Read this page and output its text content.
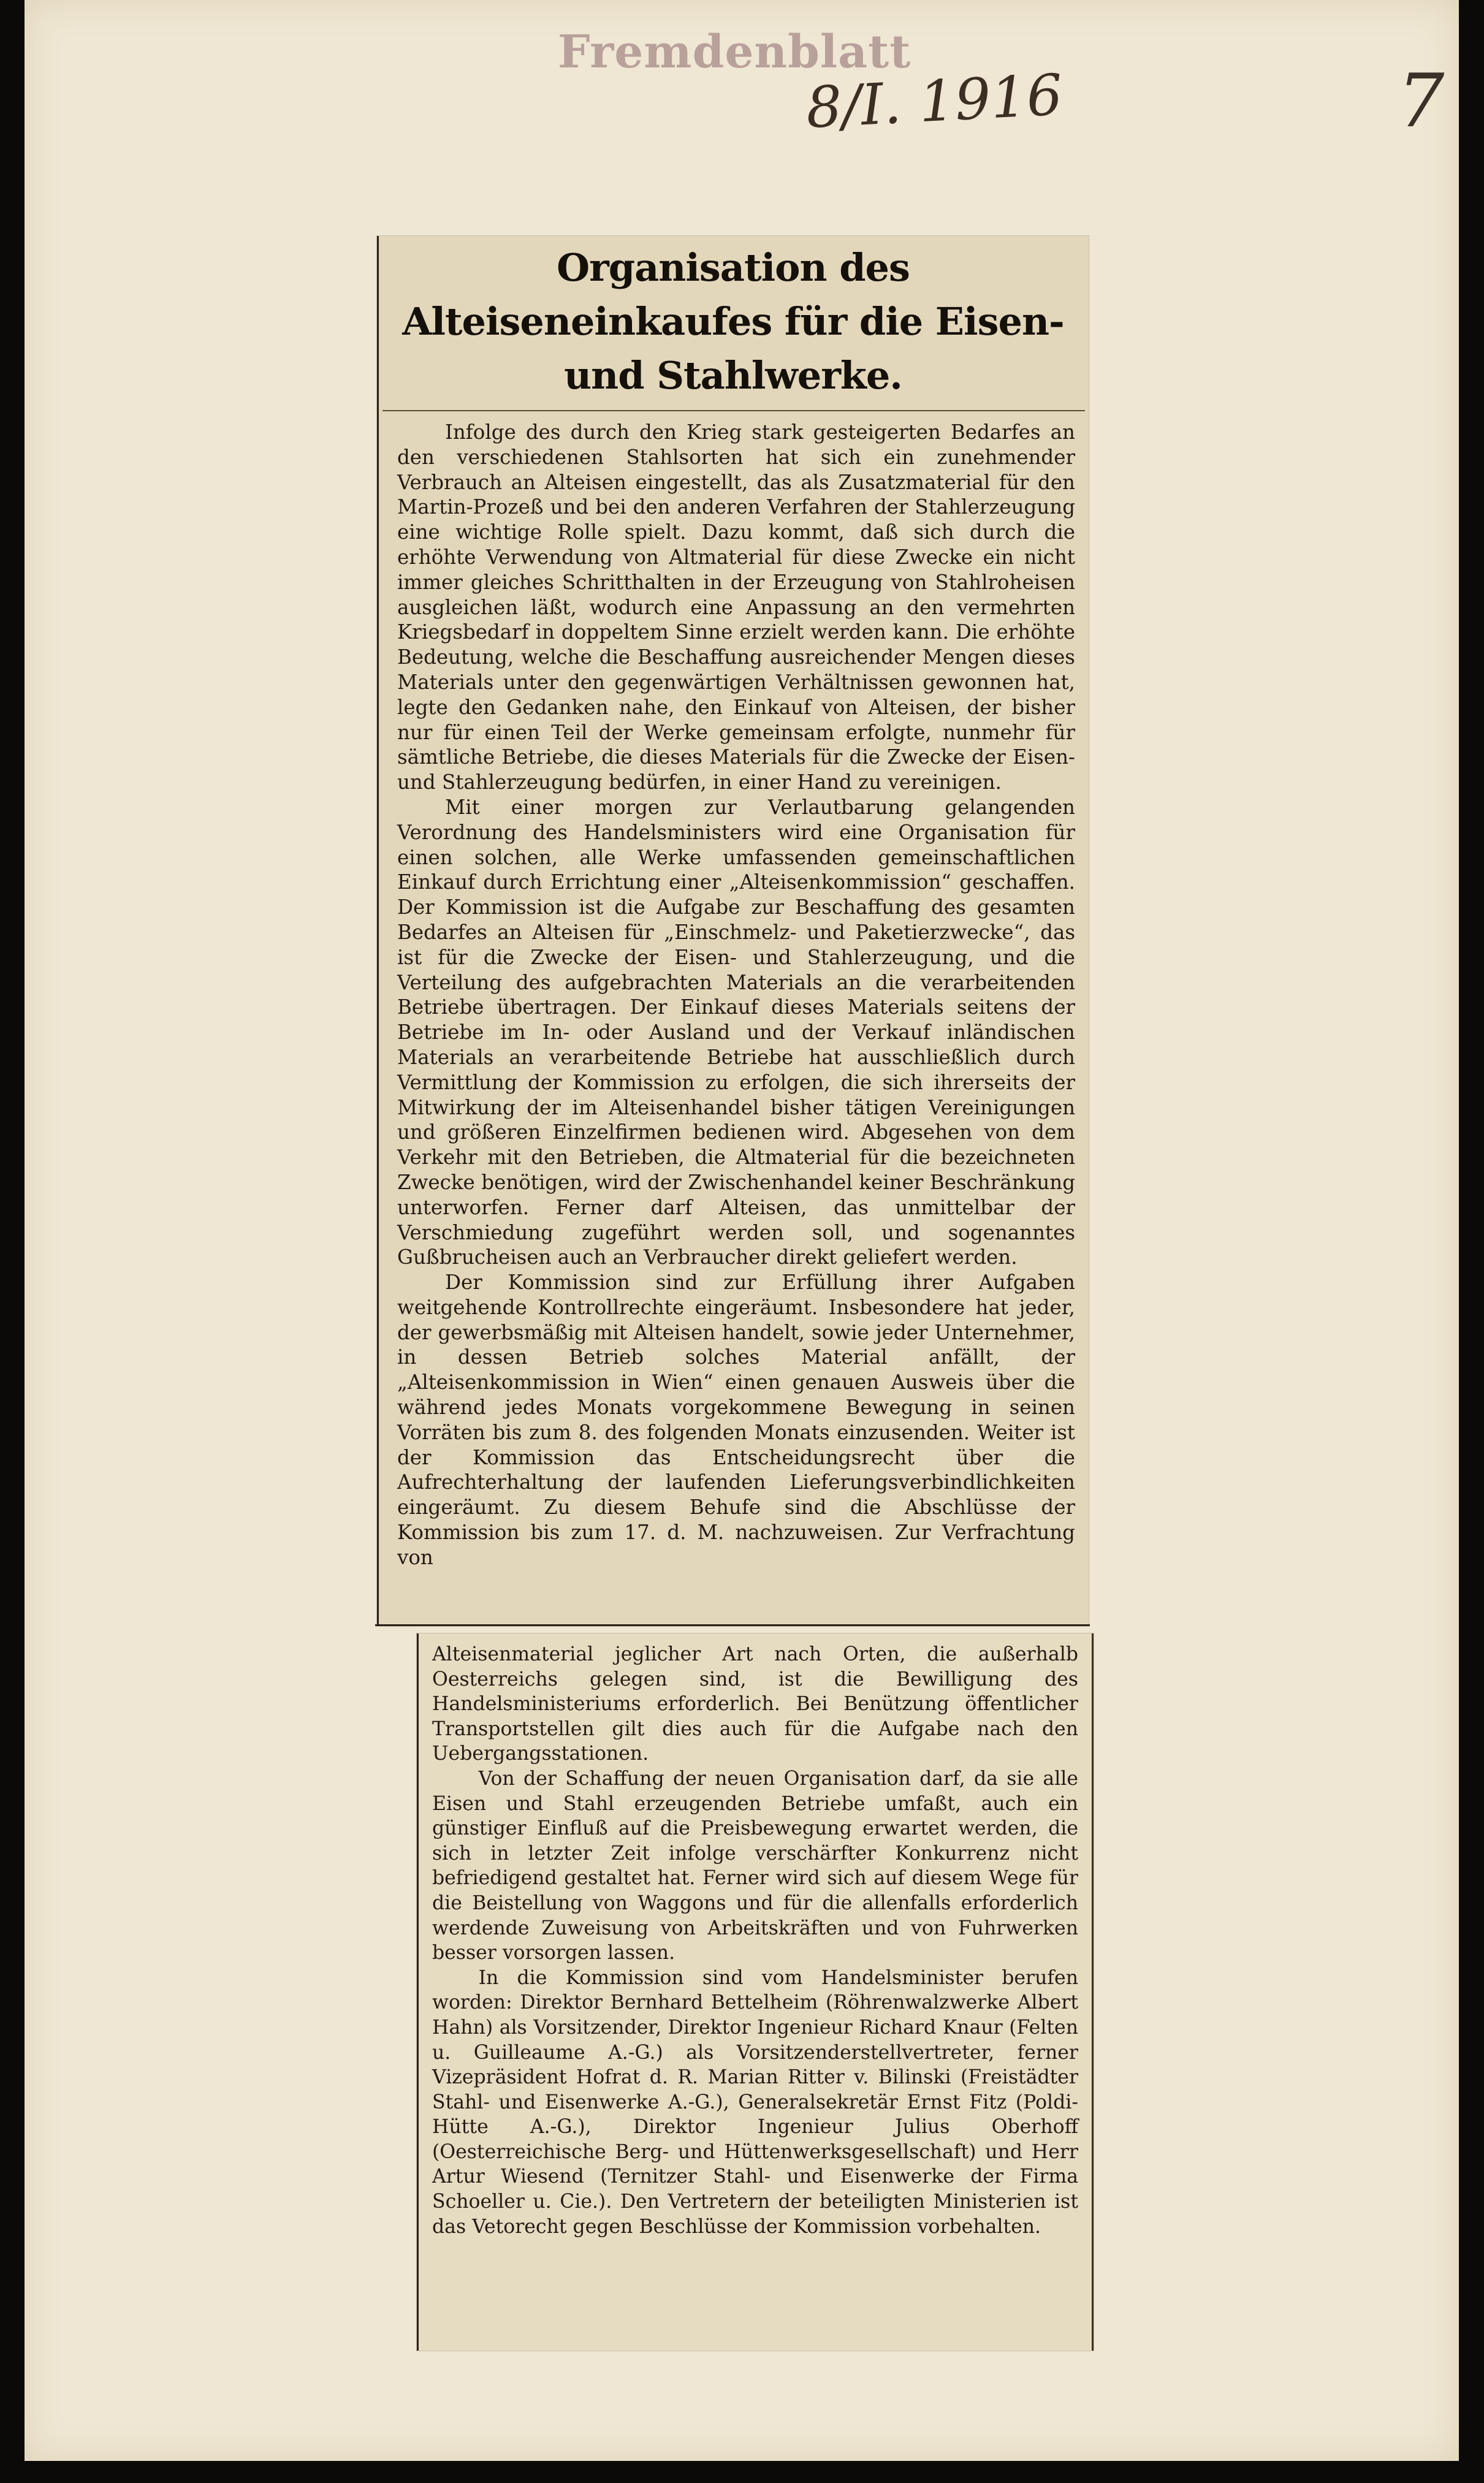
Fremdenblatt
8/I. 1916	7
Organisation des Alteiseneinkaufes für die Eisen- und Stahlwerke.

Infolge des durch den Krieg stark gesteigerten Bedarfes an den verschiedenen Stahlsorten hat sich ein zunehmender Verbrauch an Alteisen eingestellt, das als Zusatzmaterial für den Martin-Prozeß und bei den anderen Verfahren der Stahlerzeugung eine wichtige Rolle spielt. Dazu kommt, daß sich durch die erhöhte Verwendung von Altmaterial für diese Zwecke ein nicht immer gleiches Schritthalten in der Erzeugung von Stahlroheisen ausgleichen läßt, wodurch eine Anpassung an den vermehrten Kriegsbedarf in doppeltem Sinne erzielt werden kann. Die erhöhte Bedeutung, welche die Beschaffung ausreichender Mengen dieses Materials unter den gegenwärtigen Verhältnissen gewonnen hat, legte den Gedanken nahe, den Einkauf von Alteisen, der bisher nur für einen Teil der Werke gemeinsam erfolgte, nunmehr für sämtliche Betriebe, die dieses Materials für die Zwecke der Eisen- und Stahlerzeugung bedürfen, in einer Hand zu vereinigen.

Mit einer morgen zur Verlautbarung gelangenden Verordnung des Handelsministers wird eine Organisation für einen solchen, alle Werke umfassenden gemeinschaftlichen Einkauf durch Errichtung einer „Alteisenkommission“ geschaffen. Der Kommission ist die Aufgabe zur Beschaffung des gesamten Bedarfes an Alteisen für „Einschmelz- und Paketierzwecke“, das ist für die Zwecke der Eisen- und Stahlerzeugung, und die Verteilung des aufgebrachten Materials an die verarbeitenden Betriebe übertragen. Der Einkauf dieses Materials seitens der Betriebe im In- oder Ausland und der Verkauf inländischen Materials an verarbeitende Betriebe hat ausschließlich durch Vermittlung der Kommission zu erfolgen, die sich ihrerseits der Mitwirkung der im Alteisenhandel bisher tätigen Vereinigungen und größeren Einzelfirmen bedienen wird. Abgesehen von dem Verkehr mit den Betrieben, die Altmaterial für die bezeichneten Zwecke benötigen, wird der Zwischenhandel keiner Beschränkung unterworfen. Ferner darf Alteisen, das unmittelbar der Verschmiedung zugeführt werden soll, und sogenanntes Gußbrucheisen auch an Verbraucher direkt geliefert werden.

Der Kommission sind zur Erfüllung ihrer Aufgaben weitgehende Kontrollrechte eingeräumt. Insbesondere hat jeder, der gewerbsmäßig mit Alteisen handelt, sowie jeder Unternehmer, in dessen Betrieb solches Material anfällt, der „Alteisenkommission in Wien“ einen genauen Ausweis über die während jedes Monats vorgekommene Bewegung in seinen Vorräten bis zum 8. des folgenden Monats einzusenden. Weiter ist der Kommission das Entscheidungsrecht über die Aufrechterhaltung der laufenden Lieferungsverbindlichkeiten eingeräumt. Zu diesem Behufe sind die Abschlüsse der Kommission bis zum 17. d. M. nachzuweisen. Zur Verfrachtung von

Alteisenmaterial jeglicher Art nach Orten, die außerhalb Oesterreichs gelegen sind, ist die Bewilligung des Handelsministeriums erforderlich. Bei Benützung öffentlicher Transportstellen gilt dies auch für die Aufgabe nach den Uebergangsstationen.

Von der Schaffung der neuen Organisation darf, da sie alle Eisen und Stahl erzeugenden Betriebe umfaßt, auch ein günstiger Einfluß auf die Preisbewegung erwartet werden, die sich in letzter Zeit infolge verschärfter Konkurrenz nicht befriedigend gestaltet hat. Ferner wird sich auf diesem Wege für die Beistellung von Waggons und für die allenfalls erforderlich werdende Zuweisung von Arbeitskräften und von Fuhrwerken besser vorsorgen lassen.

In die Kommission sind vom Handelsminister berufen worden: Direktor Bernhard Bettelheim (Röhrenwalzwerke Albert Hahn) als Vorsitzender, Direktor Ingenieur Richard Knaur (Felten u. Guilleaume A.-G.) als Vorsitzenderstellvertreter, ferner Vizepräsident Hofrat d. R. Marian Ritter v. Bilinski (Freistädter Stahl- und Eisenwerke A.-G.), Generalsekretär Ernst Fitz (Poldi-Hütte A.-G.), Direktor Ingenieur Julius Oberhoff (Oesterreichische Berg- und Hüttenwerksgesellschaft) und Herr Artur Wiesend (Ternitzer Stahl- und Eisenwerke der Firma Schoeller u. Cie.). Den Vertretern der beteiligten Ministerien ist das Vetorecht gegen Beschlüsse der Kommission vorbehalten.
